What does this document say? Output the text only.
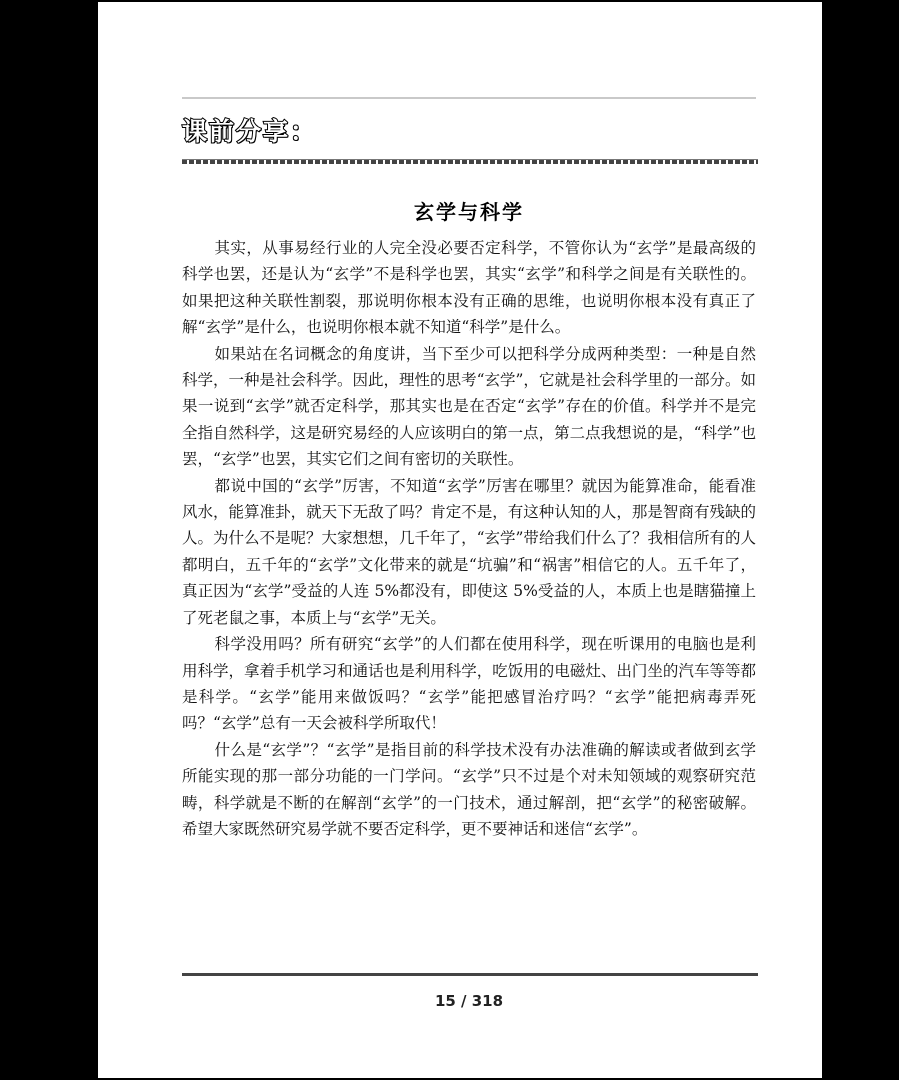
课前分享：
玄学与科学

其实，从事易经行业的人完全没必要否定科学，不管你认为“玄学”是最高级的科学也罢，还是认为“玄学”不是科学也罢，其实“玄学”和科学之间是有关联性的。如果把这种关联性割裂，那说明你根本没有正确的思维，也说明你根本没有真正了解“玄学”是什么，也说明你根本就不知道“科学”是什么。

如果站在名词概念的角度讲，当下至少可以把科学分成两种类型：一种是自然科学，一种是社会科学。因此，理性的思考“玄学”，它就是社会科学里的一部分。如果一说到“玄学”就否定科学，那其实也是在否定“玄学”存在的价值。科学并不是完全指自然科学，这是研究易经的人应该明白的第一点，第二点我想说的是，“科学”也罢，“玄学”也罢，其实它们之间有密切的关联性。

都说中国的“玄学”厉害，不知道“玄学”厉害在哪里？就因为能算准命，能看准风水，能算准卦，就天下无敌了吗？肯定不是，有这种认知的人，那是智商有残缺的人。为什么不是呢？大家想想，几千年了，“玄学”带给我们什么了？我相信所有的人都明白，五千年的“玄学”文化带来的就是“坑骗”和“祸害”相信它的人。五千年了，真正因为“玄学”受益的人连 5%都没有，即使这 5%受益的人，本质上也是瞎猫撞上了死老鼠之事，本质上与“玄学”无关。

科学没用吗？所有研究“玄学”的人们都在使用科学，现在听课用的电脑也是利用科学，拿着手机学习和通话也是利用科学，吃饭用的电磁灶、出门坐的汽车等等都是科学。“玄学”能用来做饭吗？“玄学”能把感冒治疗吗？“玄学”能把病毒弄死吗？“玄学”总有一天会被科学所取代！

什么是“玄学”？“玄学”是指目前的科学技术没有办法准确的解读或者做到玄学所能实现的那一部分功能的一门学问。“玄学”只不过是个对未知领域的观察研究范畴，科学就是不断的在解剖“玄学”的一门技术，通过解剖，把“玄学”的秘密破解。希望大家既然研究易学就不要否定科学，更不要神话和迷信“玄学”。

15 / 318
